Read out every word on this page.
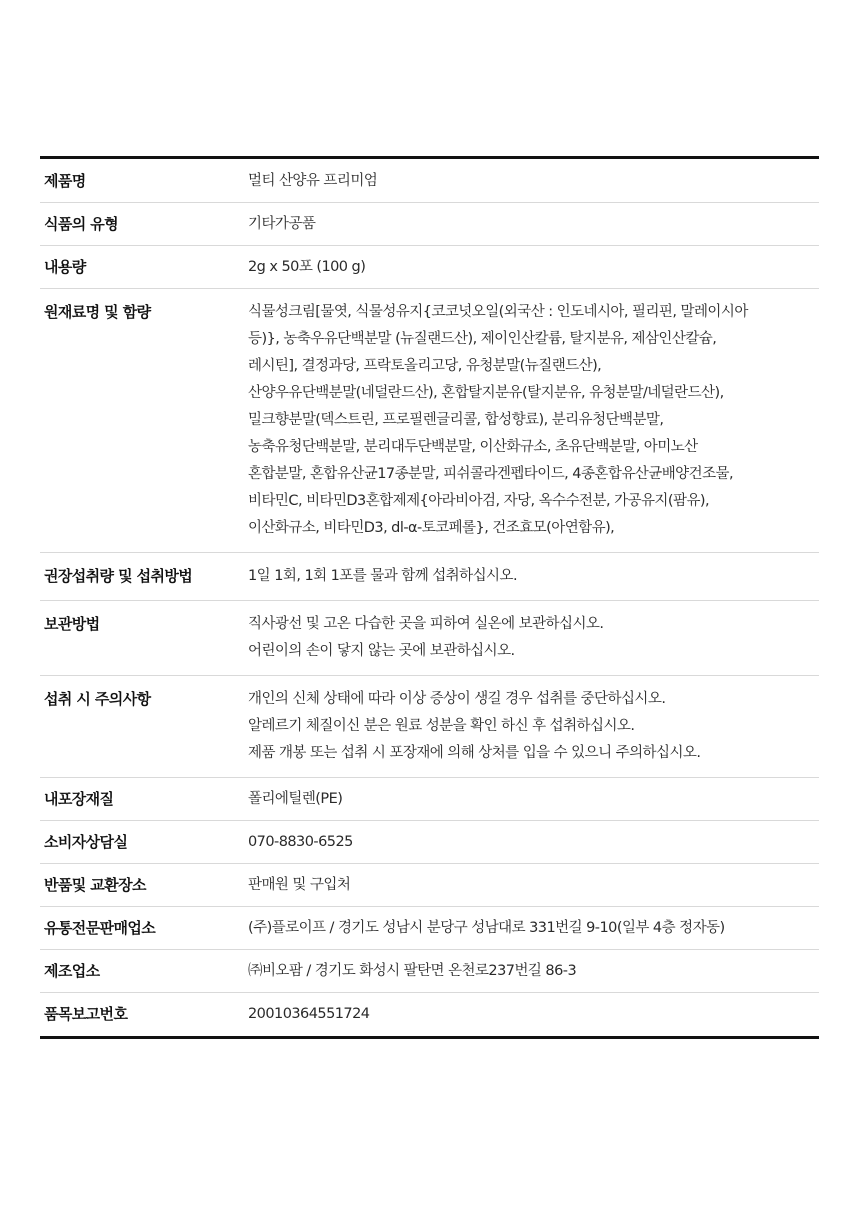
제품명	멀티 산양유 프리미엄
식품의 유형	기타가공품
내용량	2g x 50포 (100 g)
원재료명 및 함량	식물성크림[물엿, 식물성유지{코코넛오일(외국산 : 인도네시아, 필리핀, 말레이시아
등)}, 농축우유단백분말 (뉴질랜드산), 제이인산칼륨, 탈지분유, 제삼인산칼슘,
레시틴], 결정과당, 프락토올리고당, 유청분말(뉴질랜드산),
산양우유단백분말(네덜란드산), 혼합탈지분유(탈지분유, 유청분말/네덜란드산),
밀크향분말(덱스트린, 프로필렌글리콜, 합성향료), 분리유청단백분말,
농축유청단백분말, 분리대두단백분말, 이산화규소, 초유단백분말, 아미노산
혼합분말, 혼합유산균17종분말, 피쉬콜라겐펩타이드, 4종혼합유산균배양건조물,
비타민C, 비타민D3혼합제제{아라비아검, 자당, 옥수수전분, 가공유지(팜유),
이산화규소, 비타민D3, dl-α-토코페롤}, 건조효모(아연함유),
권장섭취량 및 섭취방법	1일 1회, 1회 1포를 물과 함께 섭취하십시오.
보관방법	직사광선 및 고온 다습한 곳을 피하여 실온에 보관하십시오.
어린이의 손이 닿지 않는 곳에 보관하십시오.
섭취 시 주의사항	개인의 신체 상태에 따라 이상 증상이 생길 경우 섭취를 중단하십시오.
알레르기 체질이신 분은 원료 성분을 확인 하신 후 섭취하십시오.
제품 개봉 또는 섭취 시 포장재에 의해 상처를 입을 수 있으니 주의하십시오.
내포장재질	폴리에틸렌(PE)
소비자상담실	070-8830-6525
반품및 교환장소	판매원 및 구입처
유통전문판매업소	(주)플로이프 / 경기도 성남시 분당구 성남대로 331번길 9-10(일부 4층 정자동)
제조업소	㈜비오팜 / 경기도 화성시 팔탄면 온천로237번길 86-3
품목보고번호	20010364551724
